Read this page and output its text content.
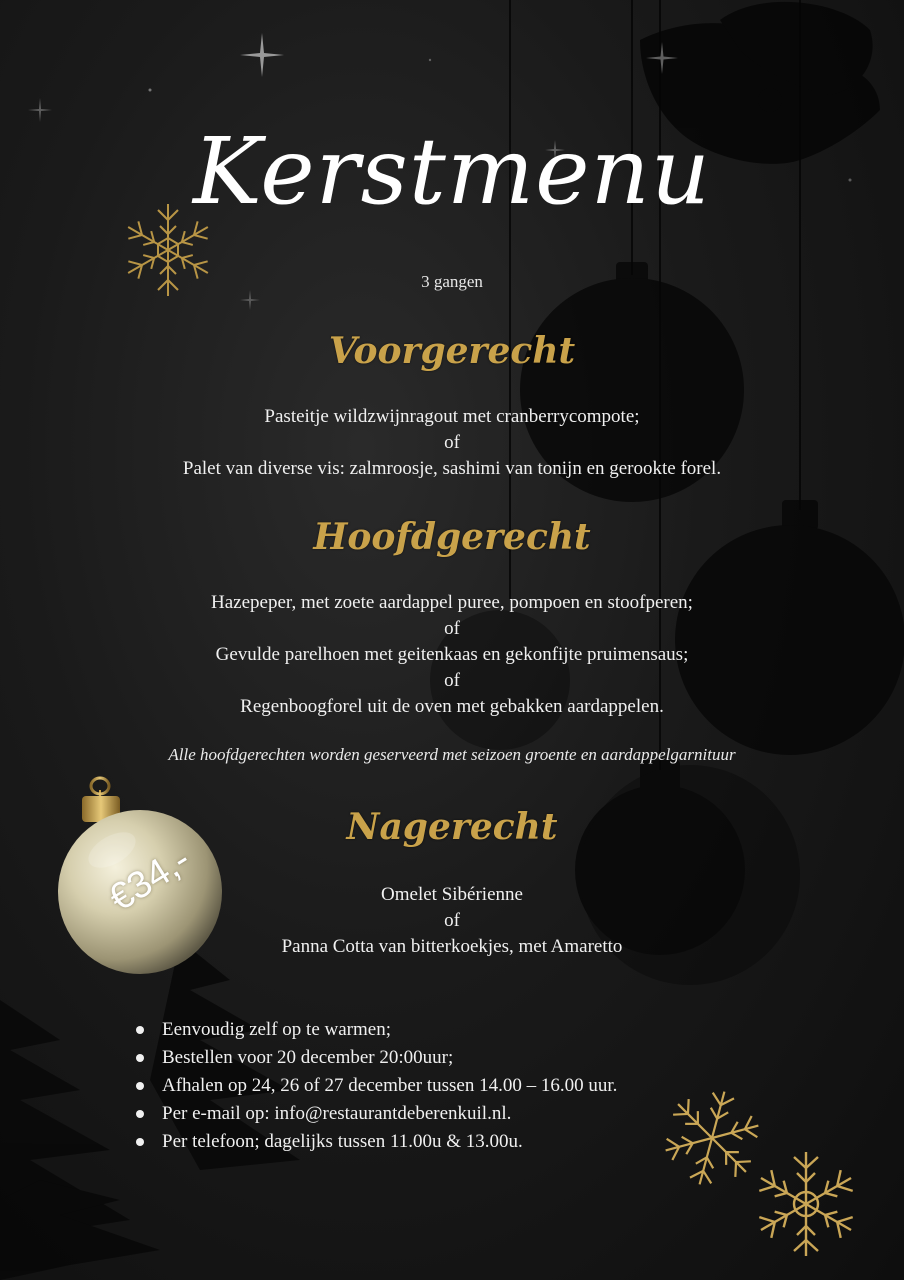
Kerstmenu
3 gangen
Voorgerecht
Pasteitje wildzwijnragout met cranberrycompote;
of
Palet van diverse vis: zalmroosje, sashimi van tonijn en gerookte forel.
Hoofdgerecht
Hazepeper, met zoete aardappel puree, pompoen en stoofperen;
of
Gevulde parelhoen met geitenkaas en gekonfijte pruimensaus;
of
Regenboogforel uit de oven met gebakken aardappelen.
Alle hoofdgerechten worden geserveerd met seizoen groente en aardappelgarnituur
Nagerecht
Omelet Sibérienne
of
Panna Cotta van bitterkoekjes, met Amaretto
€34,-
Eenvoudig zelf op te warmen;
Bestellen voor 20 december 20:00uur;
Afhalen op 24, 26 of 27 december tussen 14.00 – 16.00 uur.
Per e-mail op: info@restaurantdeberenkuil.nl.
Per telefoon; dagelijks tussen 11.00u & 13.00u.
